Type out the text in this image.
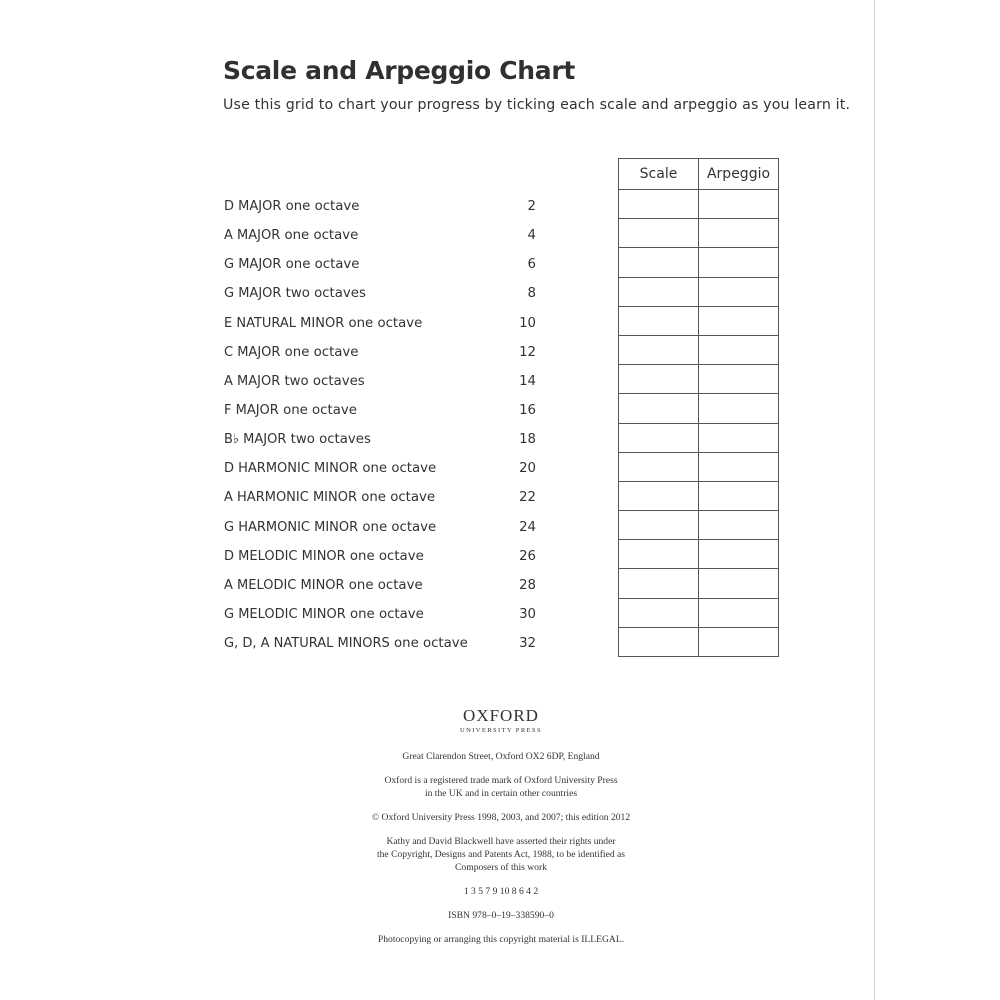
Scale and Arpeggio Chart
Use this grid to chart your progress by ticking each scale and arpeggio as you learn it.
D MAJOR one octave	2
A MAJOR one octave	4
G MAJOR one octave	6
G MAJOR two octaves	8
E NATURAL MINOR one octave	10
C MAJOR one octave	12
A MAJOR two octaves	14
F MAJOR one octave	16
B♭ MAJOR two octaves	18
D HARMONIC MINOR one octave	20
A HARMONIC MINOR one octave	22
G HARMONIC MINOR one octave	24
D MELODIC MINOR one octave	26
A MELODIC MINOR one octave	28
G MELODIC MINOR one octave	30
G, D, A NATURAL MINORS one octave	32
Scale	Arpeggio

OXFORD
UNIVERSITY PRESS

Great Clarendon Street, Oxford OX2 6DP, England

Oxford is a registered trade mark of Oxford University Press

in the UK and in certain other countries

© Oxford University Press 1998, 2003, and 2007; this edition 2012

Kathy and David Blackwell have asserted their rights under

the Copyright, Designs and Patents Act, 1988, to be identified as

Composers of this work

1 3 5 7 9 10 8 6 4 2

ISBN 978–0–19–338590–0

Photocopying or arranging this copyright material is ILLEGAL.
